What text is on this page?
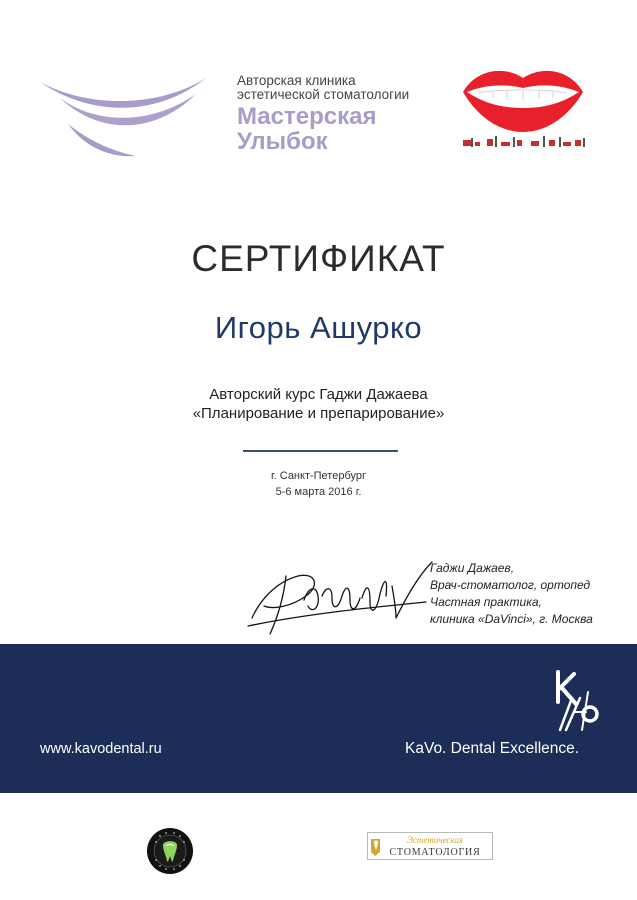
Авторская клиника
эстетической стоматологии
Мастерская
Улыбок
СЕРТИФИКАТ
Игорь Ашурко
Авторский курс Гаджи Дажаева
«Планирование и препарирование»
г. Санкт-Петербург
5-6 марта 2016 г.
Гаджи Дажаев,
Врач-стоматолог, ортопед
Частная практика,
клиника «DaVinci», г. Москва
www.kavodental.ru	KaVo. Dental Excellence.
Эстетическая
СТОМАТОЛОГИЯ
